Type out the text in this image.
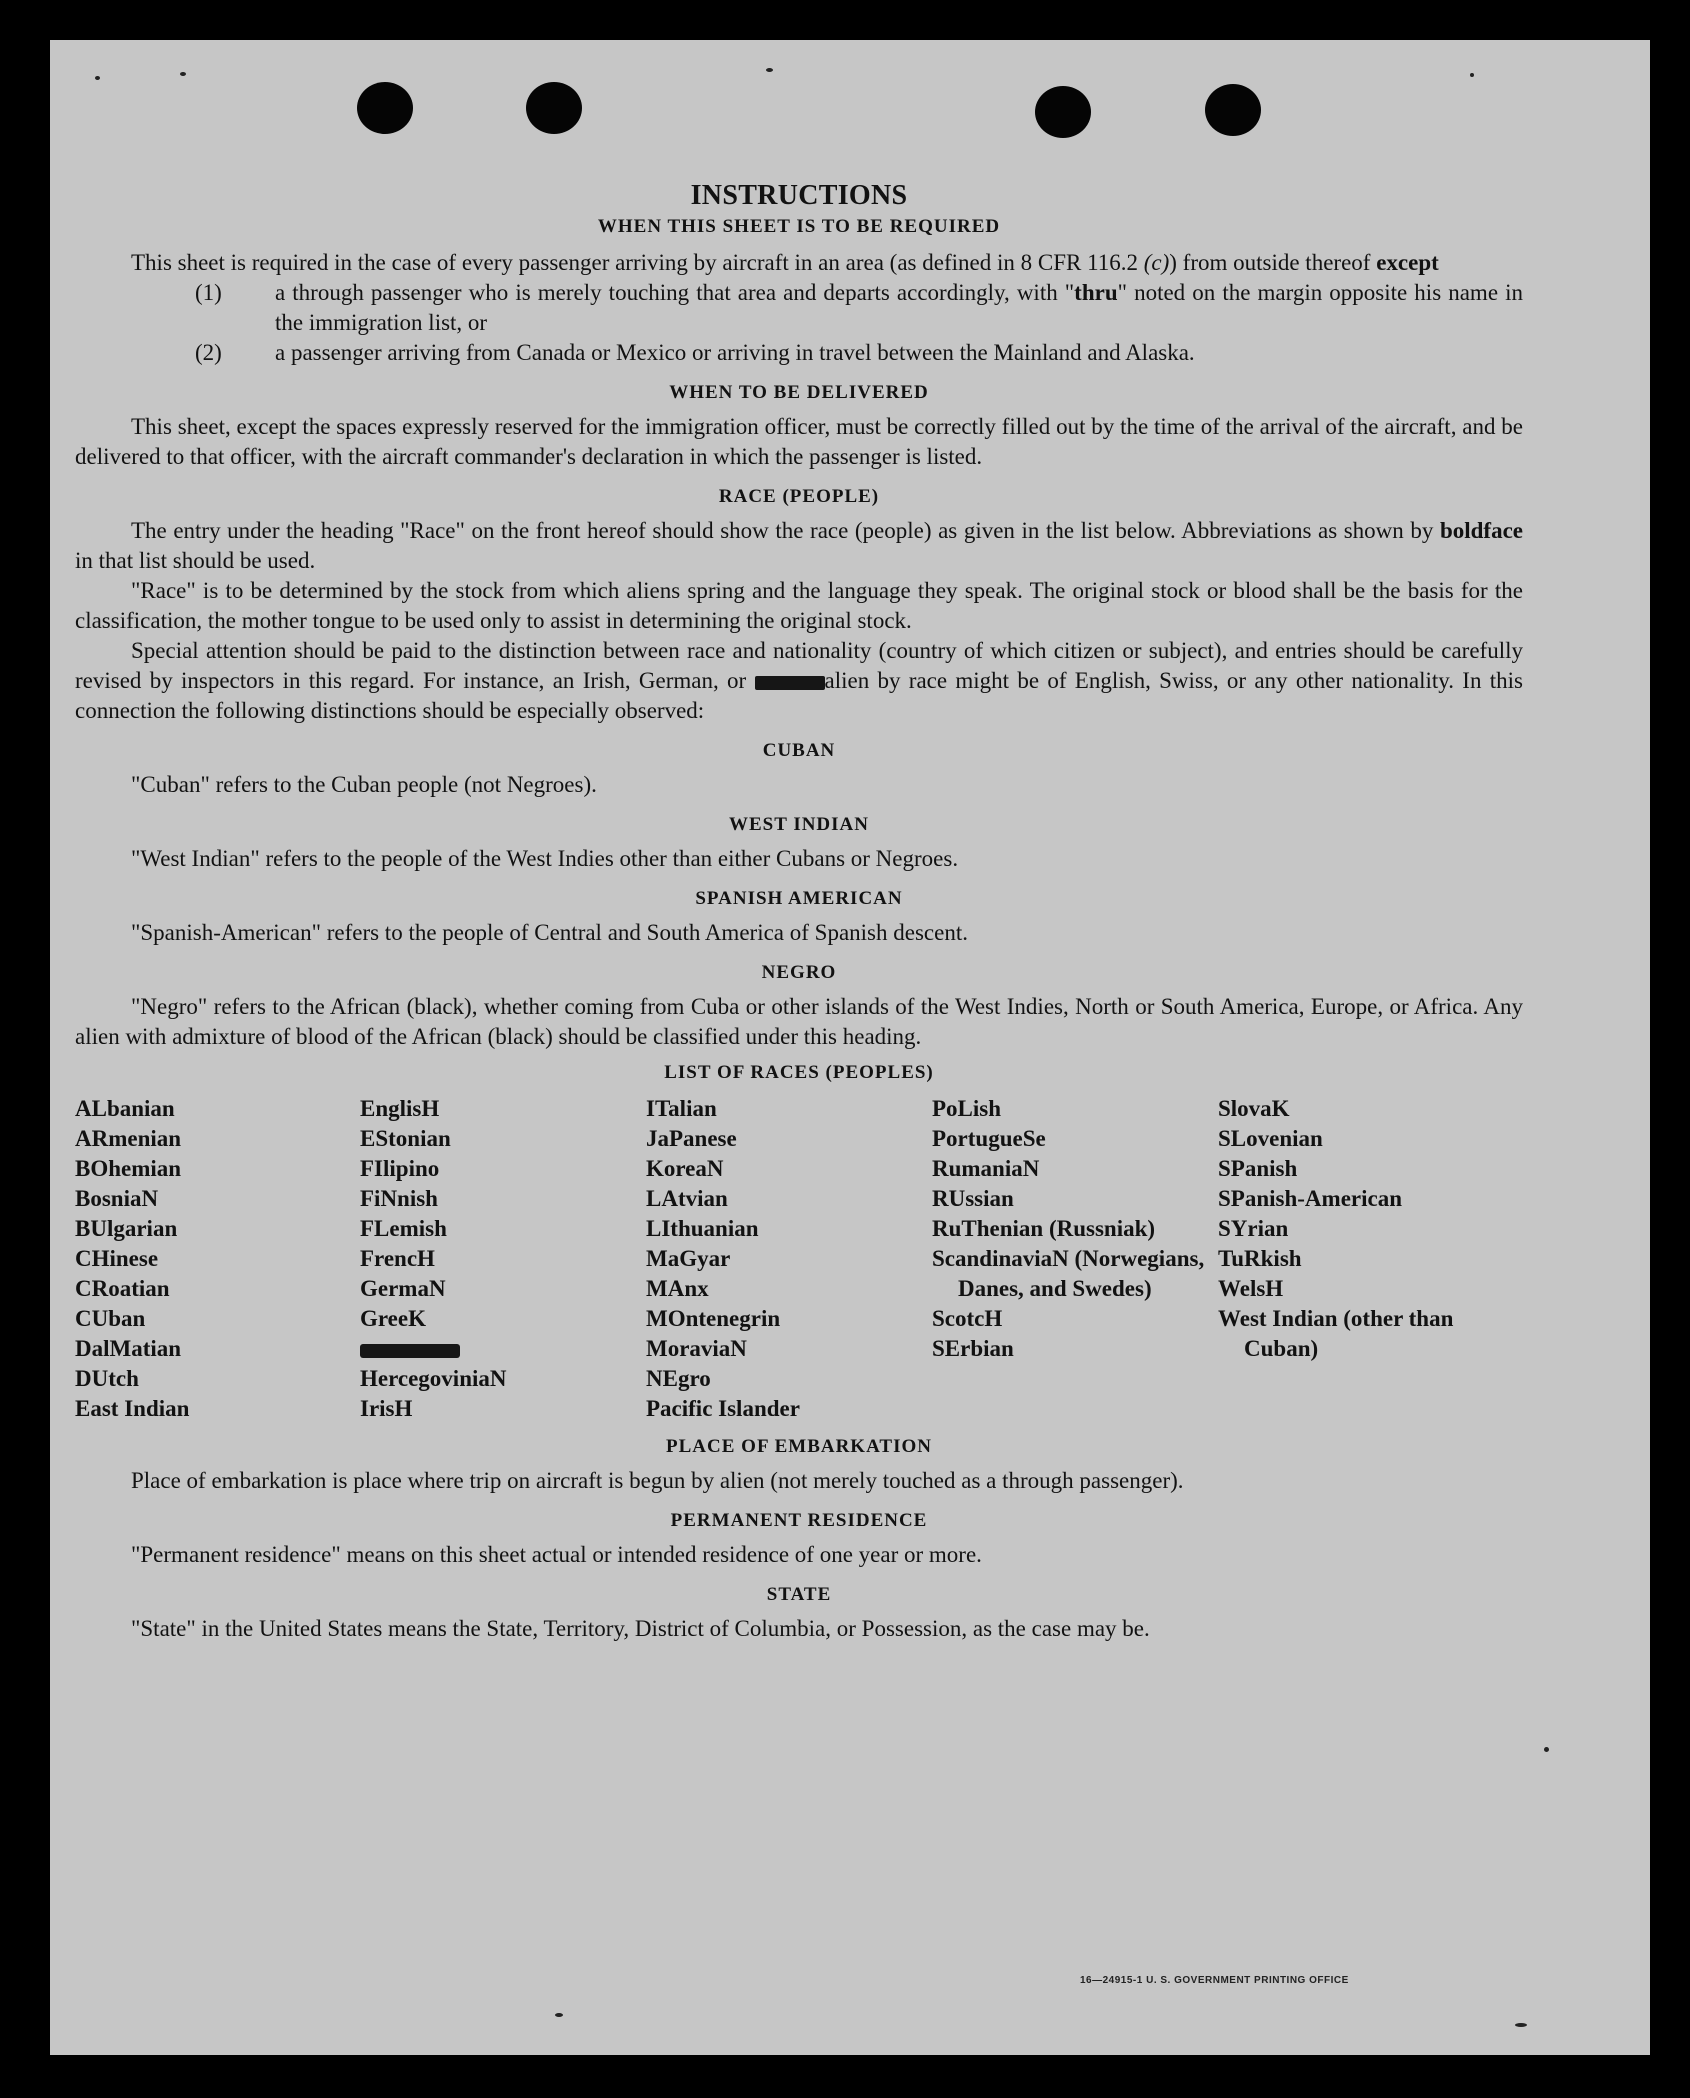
INSTRUCTIONS
WHEN THIS SHEET IS TO BE REQUIRED

This sheet is required in the case of every passenger arriving by aircraft in an area (as defined in 8 CFR 116.2 (c)) from outside thereof except

(1) a through passenger who is merely touching that area and departs accordingly, with "thru" noted on the margin opposite his name in the immigration list, or
(2) a passenger arriving from Canada or Mexico or arriving in travel between the Mainland and Alaska.
WHEN TO BE DELIVERED

This sheet, except the spaces expressly reserved for the immigration officer, must be correctly filled out by the time of the arrival of the aircraft, and be delivered to that officer, with the aircraft commander's declaration in which the passenger is listed.

RACE (PEOPLE)

The entry under the heading "Race" on the front hereof should show the race (people) as given in the list below. Abbreviations as shown by boldface in that list should be used.

"Race" is to be determined by the stock from which aliens spring and the language they speak. The original stock or blood shall be the basis for the classification, the mother tongue to be used only to assist in determining the original stock.

Special attention should be paid to the distinction between race and nationality (country of which citizen or subject), and entries should be carefully revised by inspectors in this regard. For instance, an Irish, German, or	alien by race might be of English, Swiss, or any other nationality. In this connection the following distinctions should be especially observed:

CUBAN

"Cuban" refers to the Cuban people (not Negroes).

WEST INDIAN

"West Indian" refers to the people of the West Indies other than either Cubans or Negroes.

SPANISH AMERICAN

"Spanish-American" refers to the people of Central and South America of Spanish descent.

NEGRO

"Negro" refers to the African (black), whether coming from Cuba or other islands of the West Indies, North or South America, Europe, or Africa. Any alien with admixture of blood of the African (black) should be classified under this heading.

LIST OF RACES (PEOPLES)
ALbanian
ARmenian
BOhemian
BosniaN
BUlgarian
CHinese
CRoatian
CUban
DalMatian
DUtch
East Indian
EnglisH
EStonian
FIlipino
FiNnish
FLemish
FrencH
GermaN
GreeK
HercegoviniaN
IrisH
ITalian
JaPanese
KoreaN
LAtvian
LIthuanian
MaGyar
MAnx
MOntenegrin
MoraviaN
NEgro
Pacific Islander
PoLish
PortugueSe
RumaniaN
RUssian
RuThenian (Russniak)
ScandinaviaN (Norwegians, Danes, and Swedes)
ScotcH
SErbian
SlovaK
SLovenian
SPanish
SPanish-American
SYrian
TuRkish
WelsH
West Indian (other than Cuban)
PLACE OF EMBARKATION

Place of embarkation is place where trip on aircraft is begun by alien (not merely touched as a through passenger).

PERMANENT RESIDENCE

"Permanent residence" means on this sheet actual or intended residence of one year or more.

STATE

"State" in the United States means the State, Territory, District of Columbia, or Possession, as the case may be.

16—24915-1 U. S. GOVERNMENT PRINTING OFFICE
